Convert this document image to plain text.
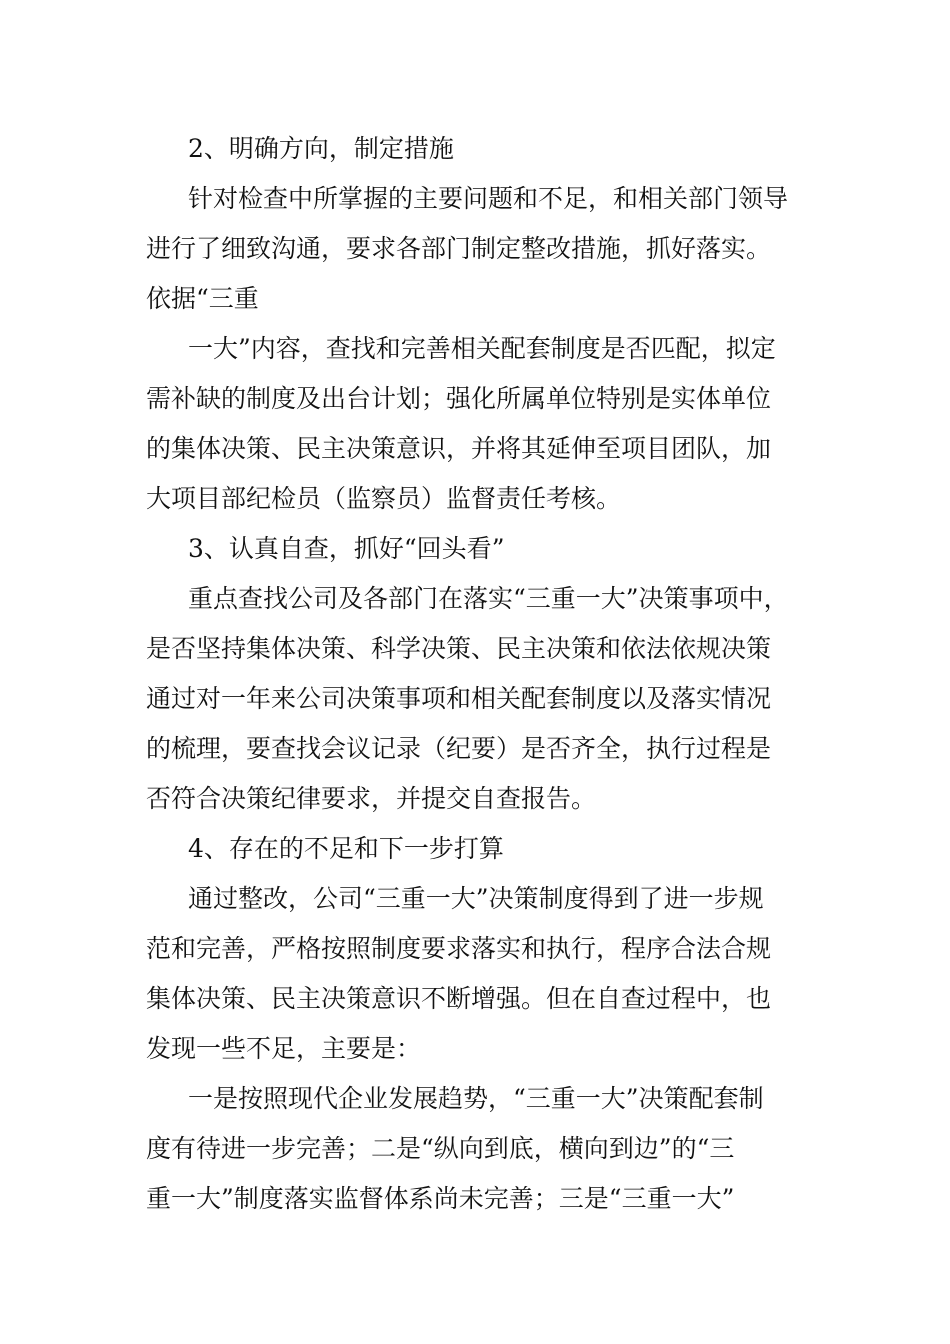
2、明确方向，制定措施

针对检查中所掌握的主要问题和不足，和相关部门领导

进行了细致沟通，要求各部门制定整改措施，抓好落实。

依据“三重

一大”内容，查找和完善相关配套制度是否匹配，拟定

需补缺的制度及出台计划；强化所属单位特别是实体单位

的集体决策、民主决策意识，并将其延伸至项目团队，加

大项目部纪检员（监察员）监督责任考核。

3、认真自查，抓好“回头看”

重点查找公司及各部门在落实“三重一大”决策事项中，

是否坚持集体决策、科学决策、民主决策和依法依规决策

通过对一年来公司决策事项和相关配套制度以及落实情况

的梳理，要查找会议记录（纪要）是否齐全，执行过程是

否符合决策纪律要求，并提交自查报告。

4、存在的不足和下一步打算

通过整改，公司“三重一大”决策制度得到了进一步规

范和完善，严格按照制度要求落实和执行，程序合法合规

集体决策、民主决策意识不断增强。但在自查过程中，也

发现一些不足，主要是：

一是按照现代企业发展趋势，“三重一大”决策配套制

度有待进一步完善；二是“纵向到底，横向到边”的“三

重一大”制度落实监督体系尚未完善；三是“三重一大”
